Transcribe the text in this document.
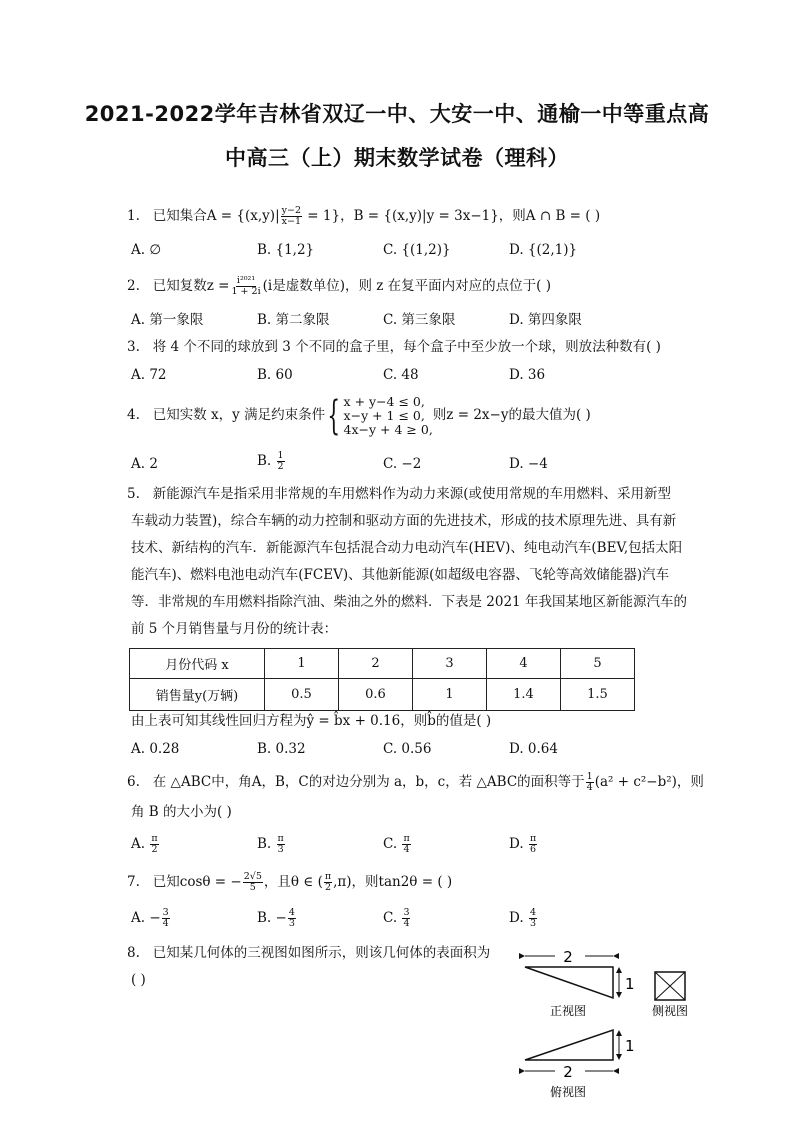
2021-2022学年吉林省双辽一中、大安一中、通榆一中等重点高
中高三（上）期末数学试卷（理科）
1. 已知集合$A = \{(x,y)| \frac{y-2}{x-1} = 1\}$，B = {(x,y)|y = 3x−1}，则A ∩ B = ( )
A. ∅	B. {1,2}	C. {(1,2)}	D. {(2,1)}
2. 已知复数$z = \frac{\text{i²⁰²¹}}{1 + 2i} (i$是虚数单位)，则 z 在复平面内对应的点位于( )
A. 第一象限	B. 第二象限	C. 第三象限	D. 第四象限
3. 将 4 个不同的球放到 3 个不同的盒子里，每个盒子中至少放一个球，则放法种数有( )
A. 72	B. 60	C. 48	D. 36
4. 已知实数 x，y 满足约束条件 { x + y−4 ≤ 0,
x−y + 1 ≤ 0,
4x−y + 4 ≥ 0,
则z = 2x−y的最大值为( )
A. 2	B. $\frac{1}{2}$	C. −2	D. −4
5. 新能源汽车是指采用非常规的车用燃料作为动力来源(或使用常规的车用燃料、采用新型
车载动力装置)，综合车辆的动力控制和驱动方面的先进技术，形成的技术原理先进、具有新
技术、新结构的汽车．新能源汽车包括混合动力电动汽车(HEV)、纯电动汽车(BEV,包括太阳
能汽车)、燃料电池电动汽车(FCEV)、其他新能源(如超级电容器、飞轮等高效储能器)汽车
等．非常规的车用燃料指除汽油、柴油之外的燃料．下表是 2021 年我国某地区新能源汽车的
前 5 个月销售量与月份的统计表：
月份代码 x	1	2	3	4	5
销售量y(万辆)	0.5	0.6	1	1.4	1.5
由上表可知其线性回归方程为ŷ = b̂x + 0.16，则b̂的值是( )
A. 0.28	B. 0.32	C. 0.56	D. 0.64
6. 在 △ABC中，角A，B，C的对边分别为 a，b，c，若 △ABC的面积等于 $\frac{1}{4} (a^2 + c^2-b^2)$，则
角 B 的大小为( )
A. $\frac{\pi}{2}$	B. $\frac{\pi}{3}$	C. $\frac{\pi}{4}$	D. $\frac{\pi}{6}$
7. 已知cosθ = − $\frac{2√5}{5}$ ，且θ ∈ ( $\frac{\pi}{2} ,\pi$)，则tan2θ = ( )
A. − $\frac{3}{4}$	B. − $\frac{4}{3}$	C. $\frac{3}{4}$	D. $\frac{4}{3}$
8. 已知某几何体的三视图如图所示，则该几何体的表面积为
( )
2
1
正视图	侧视图
1
2
俯视图
